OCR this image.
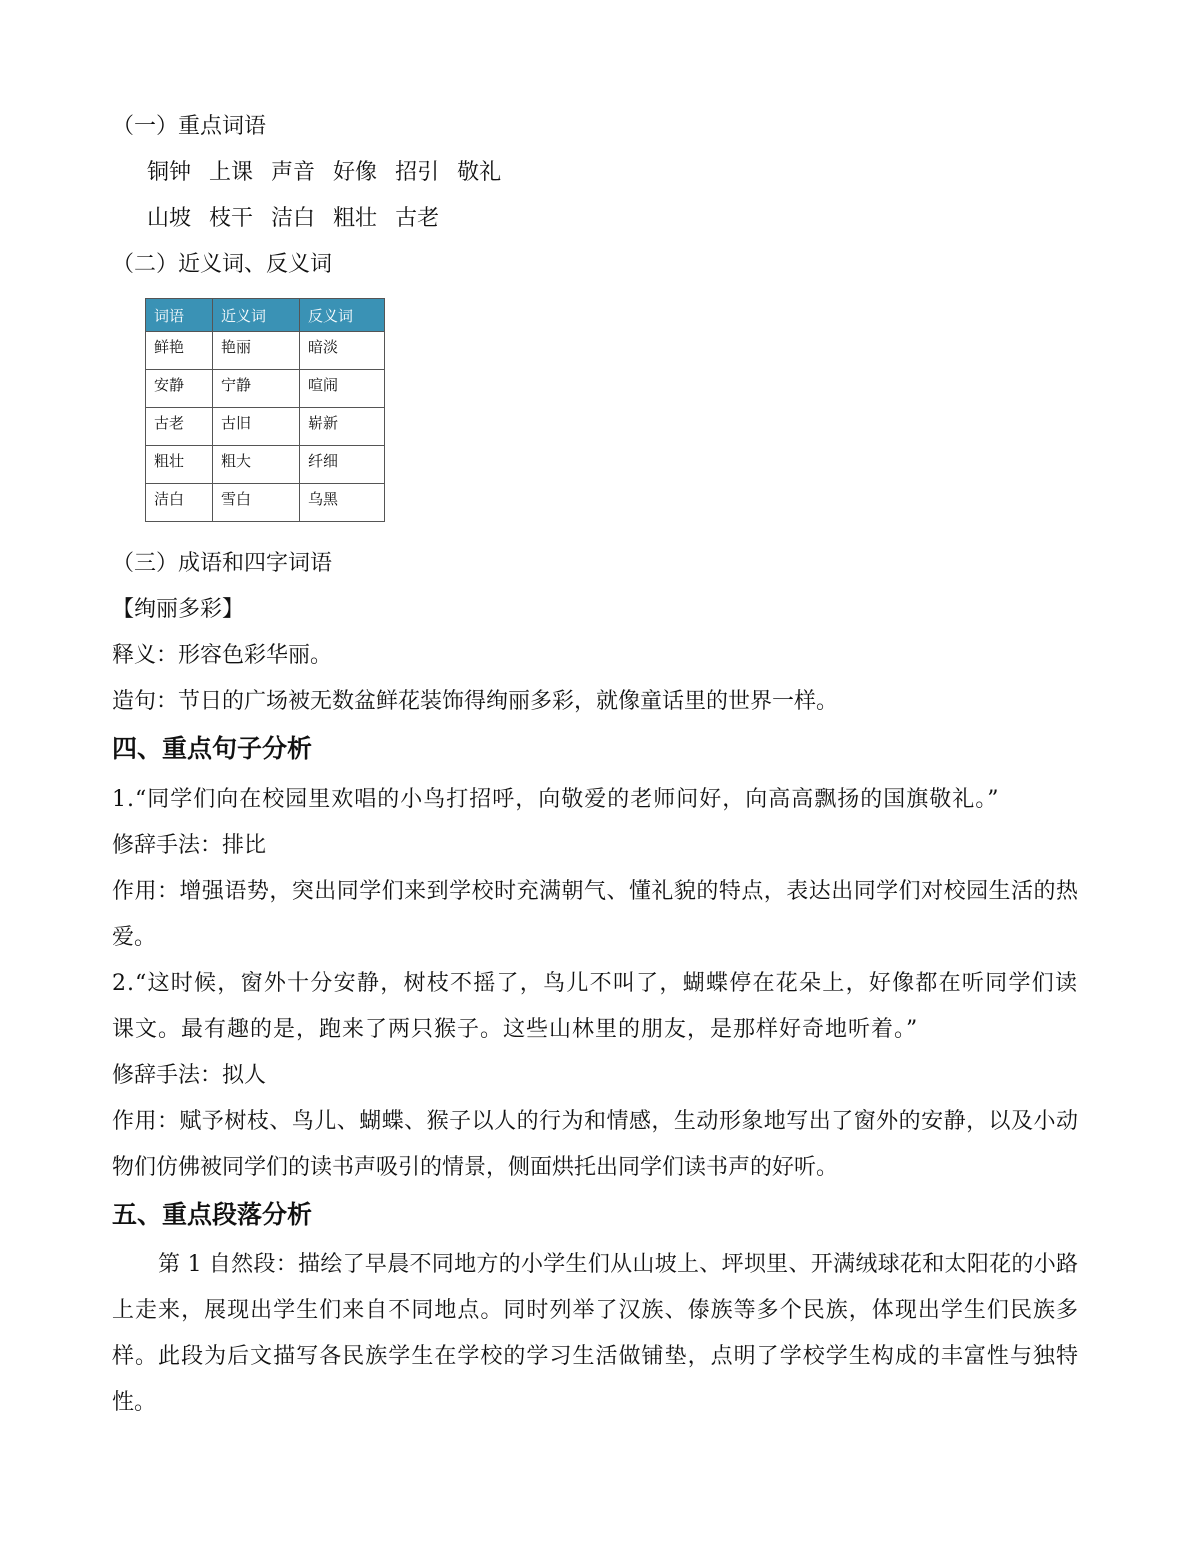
（一）重点词语
铜钟 上课 声音 好像 招引 敬礼
山坡 枝干 洁白 粗壮 古老
（二）近义词、反义词
词语	近义词	反义词
鲜艳	艳丽	暗淡
安静	宁静	喧闹
古老	古旧	崭新
粗壮	粗大	纤细
洁白	雪白	乌黑
（三）成语和四字词语
【绚丽多彩】
释义：形容色彩华丽。
造句：节日的广场被无数盆鲜花装饰得绚丽多彩，就像童话里的世界一样。
四、重点句子分析
1.“同学们向在校园里欢唱的小鸟打招呼，向敬爱的老师问好，向高高飘扬的国旗敬礼。”
修辞手法：排比
作用：增强语势，突出同学们来到学校时充满朝气、懂礼貌的特点，表达出同学们对校园生活的热爱。
2.“这时候，窗外十分安静，树枝不摇了，鸟儿不叫了，蝴蝶停在花朵上，好像都在听同学们读课文。最有趣的是，跑来了两只猴子。这些山林里的朋友，是那样好奇地听着。”
修辞手法：拟人
作用：赋予树枝、鸟儿、蝴蝶、猴子以人的行为和情感，生动形象地写出了窗外的安静，以及小动物们仿佛被同学们的读书声吸引的情景，侧面烘托出同学们读书声的好听。
五、重点段落分析
第 1 自然段：描绘了早晨不同地方的小学生们从山坡上、坪坝里、开满绒球花和太阳花的小路上走来，展现出学生们来自不同地点。同时列举了汉族、傣族等多个民族，体现出学生们民族多样。此段为后文描写各民族学生在学校的学习生活做铺垫，点明了学校学生构成的丰富性与独特性。
